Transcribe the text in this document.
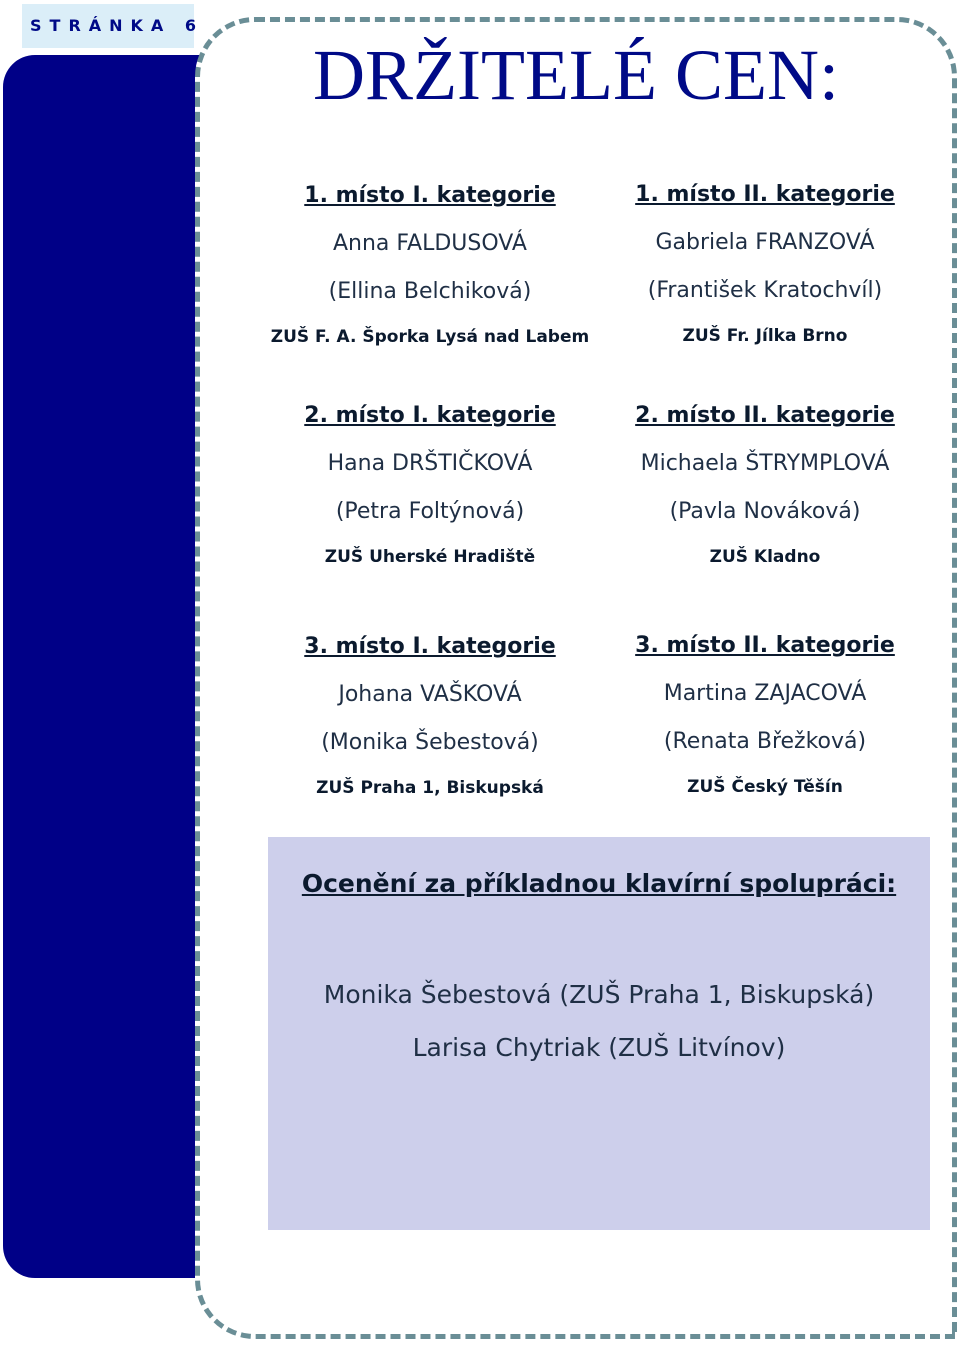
STRÁNKA 6
DRŽITELÉ CEN:
1. místo I. kategorie
Anna FALDUSOVÁ
(Ellina Belchiková)
ZUŠ F. A. Šporka Lysá nad Labem
1. místo II. kategorie
Gabriela FRANZOVÁ
(František Kratochvíl)
ZUŠ Fr. Jílka Brno
2. místo I. kategorie
Hana DRŠTIČKOVÁ
(Petra Foltýnová)
ZUŠ Uherské Hradiště
2. místo II. kategorie
Michaela ŠTRYMPLOVÁ
(Pavla Nováková)
ZUŠ Kladno
3. místo I. kategorie
Johana VAŠKOVÁ
(Monika Šebestová)
ZUŠ Praha 1, Biskupská
3. místo II. kategorie
Martina ZAJACOVÁ
(Renata Břežková)
ZUŠ Český Těšín
Ocenění za příkladnou klavírní spolupráci:
Monika Šebestová (ZUŠ Praha 1, Biskupská)
Larisa Chytriak (ZUŠ Litvínov)
